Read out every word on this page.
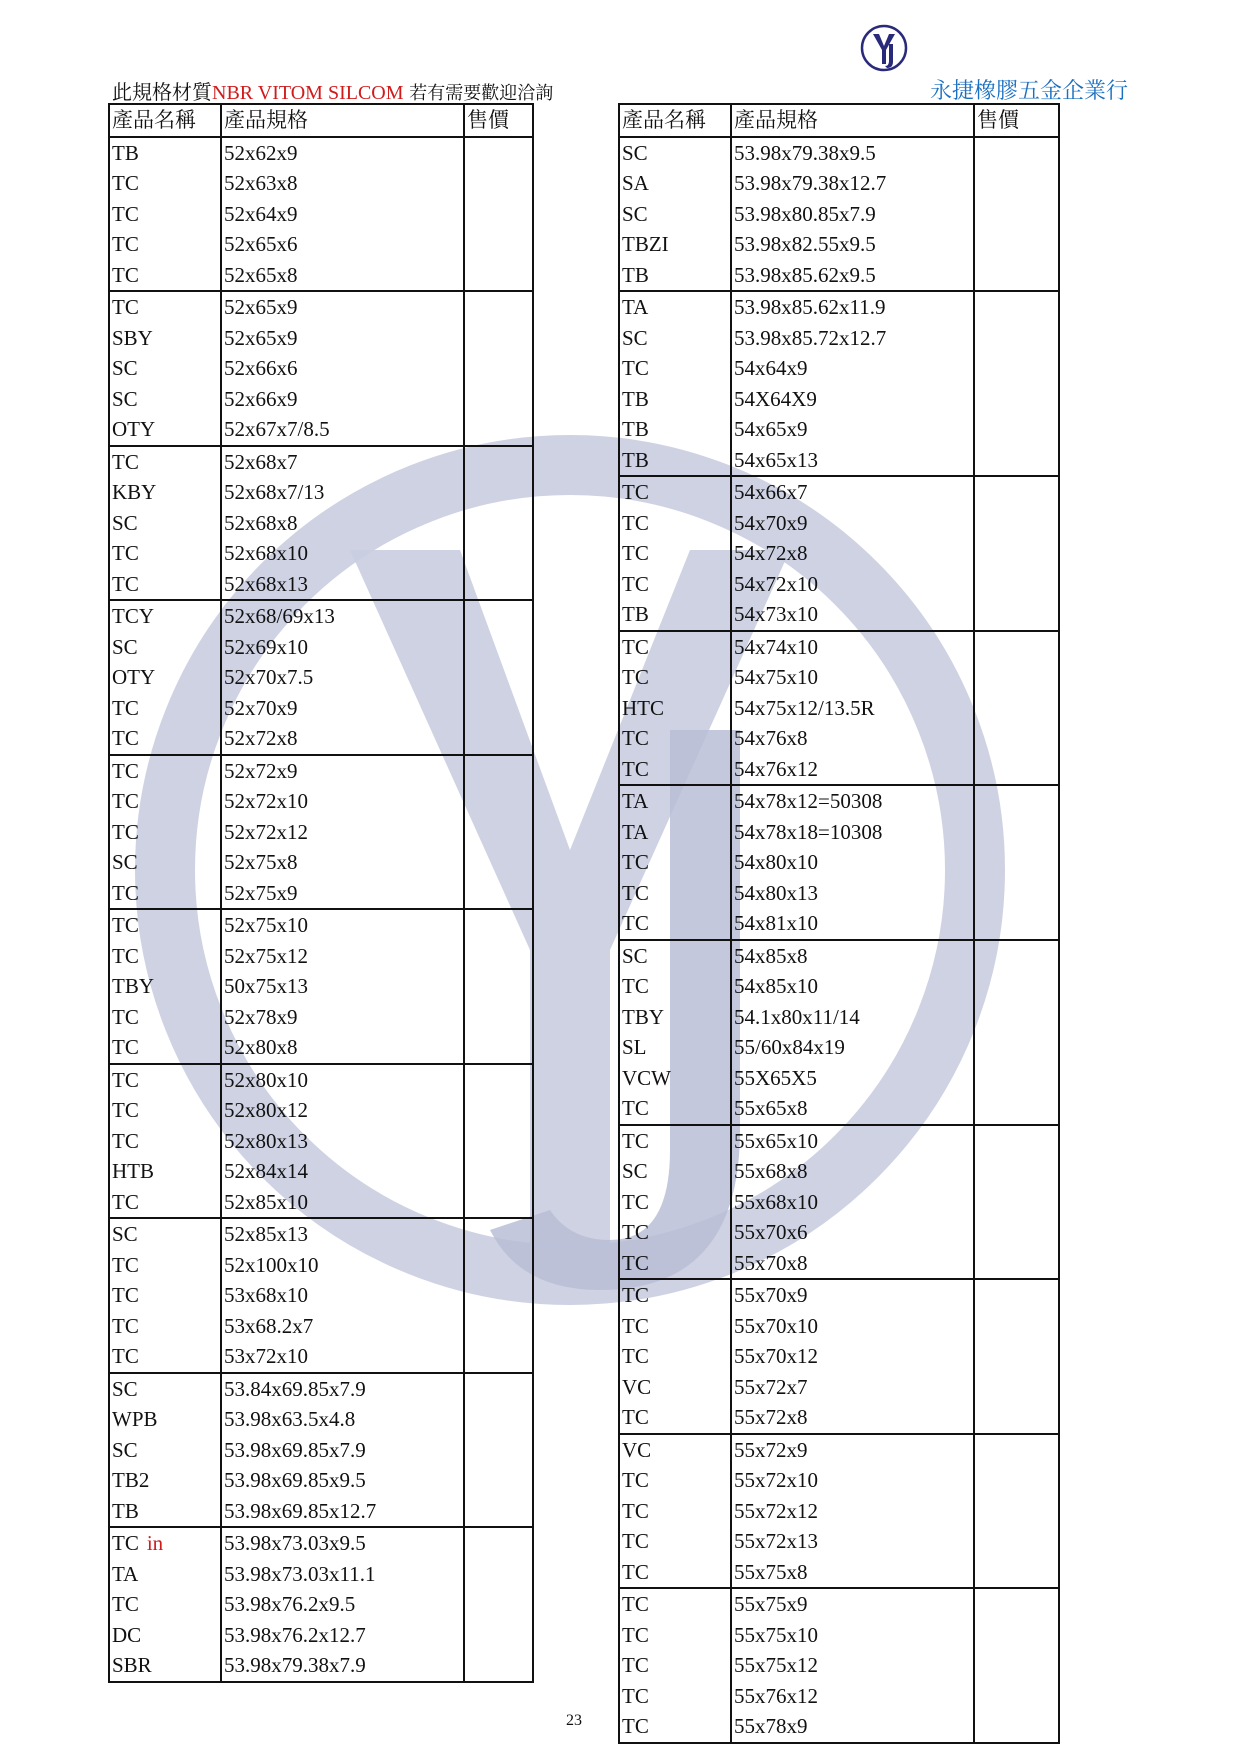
此規格材質NBR VITOM SILCOM 若有需要歡迎洽詢	永捷橡膠五金企業行
產品名稱	產品規格	售價
TB	52x62x9	
TC	52x63x8	
TC	52x64x9	
TC	52x65x6	
TC	52x65x8	
TC	52x65x9	
SBY	52x65x9	
SC	52x66x6	
SC	52x66x9	
OTY	52x67x7/8.5	
TC	52x68x7	
KBY	52x68x7/13	
SC	52x68x8	
TC	52x68x10	
TC	52x68x13	
TCY	52x68/69x13	
SC	52x69x10	
OTY	52x70x7.5	
TC	52x70x9	
TC	52x72x8	
TC	52x72x9	
TC	52x72x10	
TC	52x72x12	
SC	52x75x8	
TC	52x75x9	
TC	52x75x10	
TC	52x75x12	
TBY	50x75x13	
TC	52x78x9	
TC	52x80x8	
TC	52x80x10	
TC	52x80x12	
TC	52x80x13	
HTB	52x84x14	
TC	52x85x10	
SC	52x85x13	
TC	52x100x10	
TC	53x68x10	
TC	53x68.2x7	
TC	53x72x10	
SC	53.84x69.85x7.9	
WPB	53.98x63.5x4.8	
SC	53.98x69.85x7.9	
TB2	53.98x69.85x9.5	
TB	53.98x69.85x12.7	
TC in	53.98x73.03x9.5	
TA	53.98x73.03x11.1	
TC	53.98x76.2x9.5	
DC	53.98x76.2x12.7	
SBR	53.98x79.38x7.9	
產品名稱	產品規格	售價
SC	53.98x79.38x9.5	
SA	53.98x79.38x12.7	
SC	53.98x80.85x7.9	
TBZI	53.98x82.55x9.5	
TB	53.98x85.62x9.5	
TA	53.98x85.62x11.9	
SC	53.98x85.72x12.7	
TC	54x64x9	
TB	54X64X9	
TB	54x65x9	
TB	54x65x13	
TC	54x66x7	
TC	54x70x9	
TC	54x72x8	
TC	54x72x10	
TB	54x73x10	
TC	54x74x10	
TC	54x75x10	
HTC	54x75x12/13.5R	
TC	54x76x8	
TC	54x76x12	
TA	54x78x12=50308	
TA	54x78x18=10308	
TC	54x80x10	
TC	54x80x13	
TC	54x81x10	
SC	54x85x8	
TC	54x85x10	
TBY	54.1x80x11/14	
SL	55/60x84x19	
VCW	55X65X5	
TC	55x65x8	
TC	55x65x10	
SC	55x68x8	
TC	55x68x10	
TC	55x70x6	
TC	55x70x8	
TC	55x70x9	
TC	55x70x10	
TC	55x70x12	
VC	55x72x7	
TC	55x72x8	
VC	55x72x9	
TC	55x72x10	
TC	55x72x12	
TC	55x72x13	
TC	55x75x8	
TC	55x75x9	
TC	55x75x10	
TC	55x75x12	
TC	55x76x12	
TC	55x78x9	
23
